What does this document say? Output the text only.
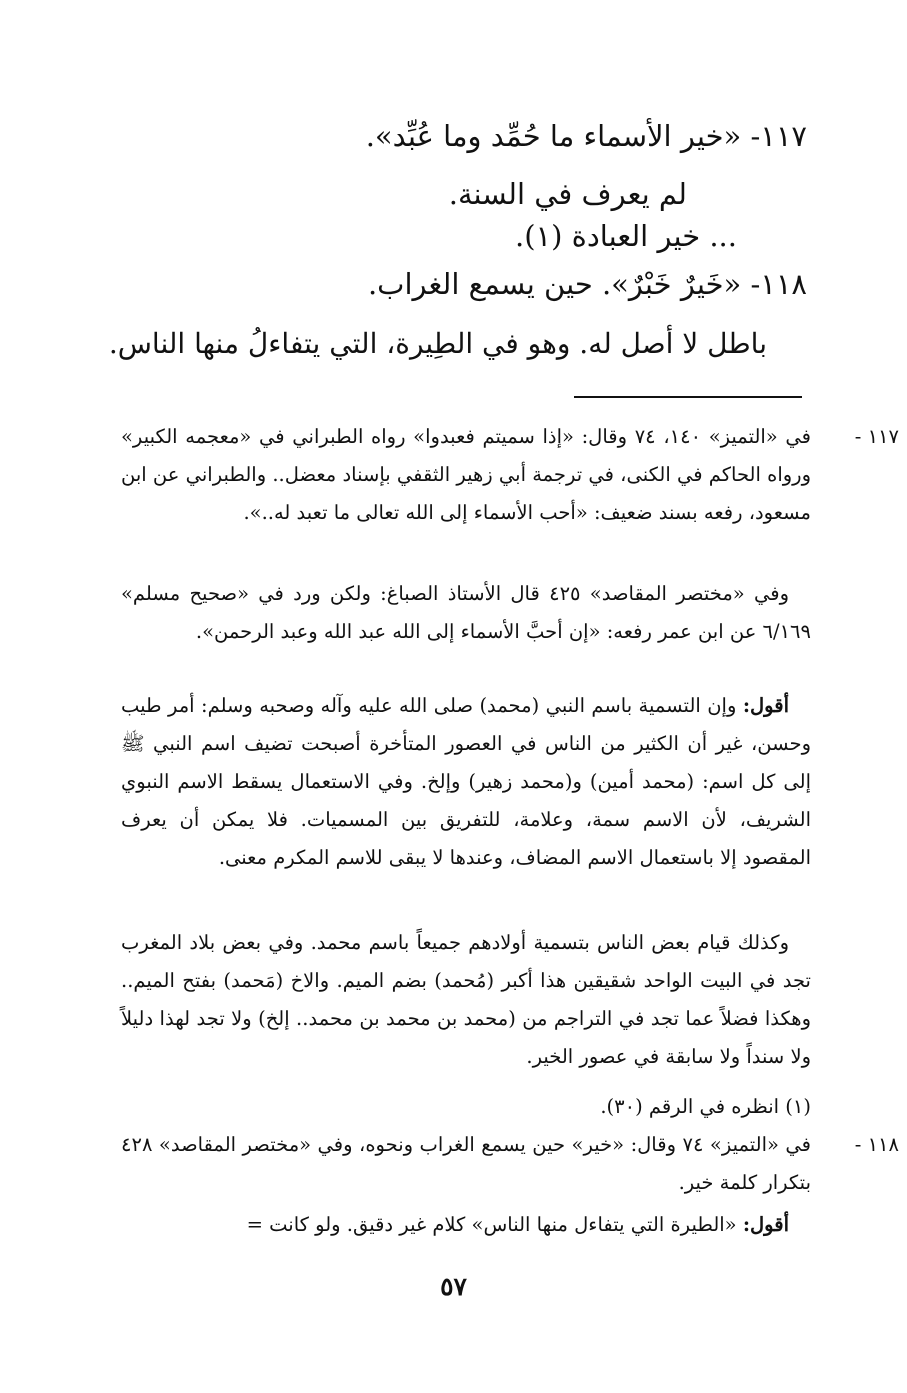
١١٧- «خير الأسماء ما حُمِّد وما عُبِّد».
لم يعرف في السنة.
... خير العبادة (١).
١١٨- «خَيرٌ خَبْرٌ». حين يسمع الغراب.
باطل لا أصل له. وهو في الطِيرة، التي يتفاءلُ منها الناس.
١١٧ -

في «التميز» ١٤٠، ٧٤ وقال: «إذا سميتم فعبدوا» رواه الطبراني في «معجمه الكبير» ورواه الحاكم في الكنى، في ترجمة أبي زهير الثقفي بإسناد معضل.. والطبراني عن ابن مسعود، رفعه بسند ضعيف: «أحب الأسماء إلى الله تعالى ما تعبد له..».

وفي «مختصر المقاصد» ٤٢٥ قال الأستاذ الصباغ: ولكن ورد في «صحيح مسلم» ٦/١٦٩ عن ابن عمر رفعه: «إن أحبَّ الأسماء إلى الله عبد الله وعبد الرحمن».

أقول: وإن التسمية باسم النبي (محمد) صلى الله عليه وآله وصحبه وسلم: أمر طيب وحسن، غير أن الكثير من الناس في العصور المتأخرة أصبحت تضيف اسم النبي ﷺ إلى كل اسم: (محمد أمين) و(محمد زهير) وإلخ. وفي الاستعمال يسقط الاسم النبوي الشريف، لأن الاسم سمة، وعلامة، للتفريق بين المسميات. فلا يمكن أن يعرف المقصود إلا باستعمال الاسم المضاف، وعندها لا يبقى للاسم المكرم معنى.

وكذلك قيام بعض الناس بتسمية أولادهم جميعاً باسم محمد. وفي بعض بلاد المغرب تجد في البيت الواحد شقيقين هذا أكبر (مُحمد) بضم الميم. والاخ (مَحمد) بفتح الميم.. وهكذا فضلاً عما تجد في التراجم من (محمد بن محمد بن محمد.. إلخ) ولا تجد لهذا دليلاً ولا سنداً ولا سابقة في عصور الخير.

(١) انظره في الرقم (٣٠).
١١٨ -

في «التميز» ٧٤ وقال: «خير» حين يسمع الغراب ونحوه، وفي «مختصر المقاصد» ٤٢٨ بتكرار كلمة خير.

أقول: «الطيرة التي يتفاءل منها الناس» كلام غير دقيق. ولو كانت =

٥٧
